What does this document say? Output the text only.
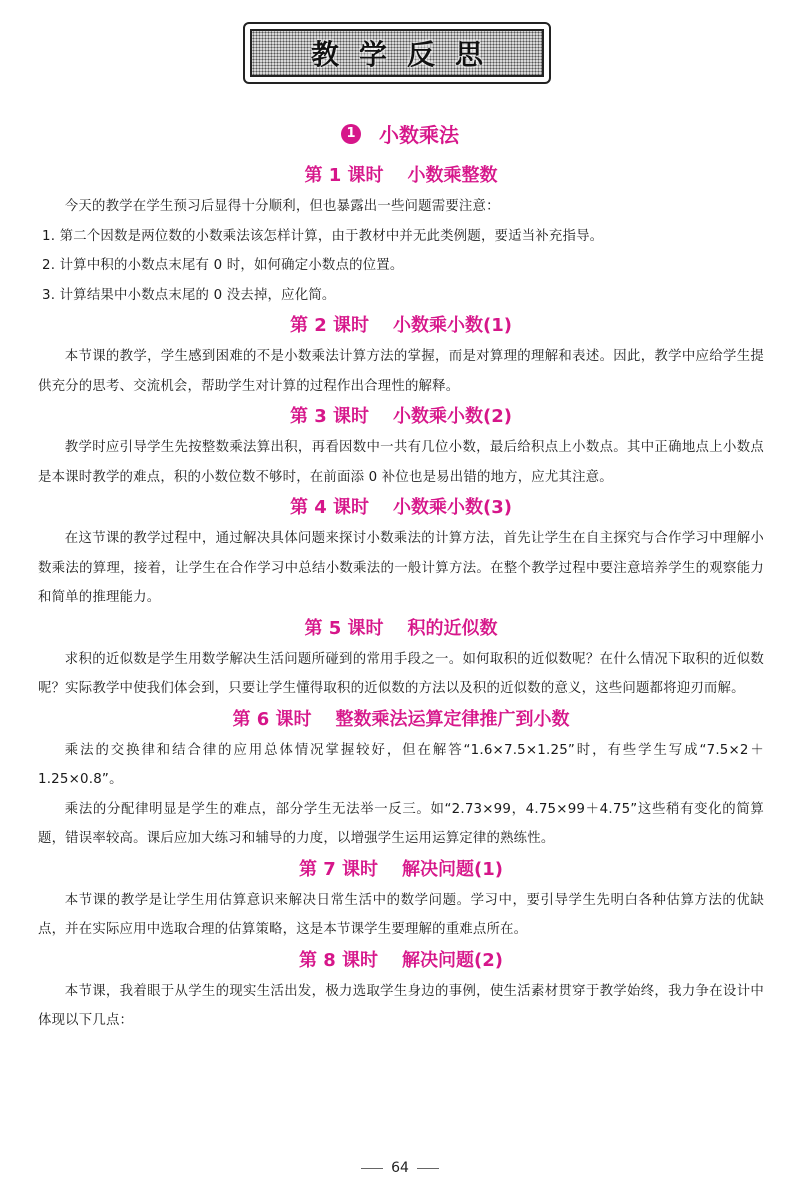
教学反思
1 小数乘法
第 1 课时 小数乘整数

今天的教学在学生预习后显得十分顺利，但也暴露出一些问题需要注意：

1. 第二个因数是两位数的小数乘法该怎样计算，由于教材中并无此类例题，要适当补充指导。

2. 计算中积的小数点末尾有 0 时，如何确定小数点的位置。

3. 计算结果中小数点末尾的 0 没去掉，应化简。

第 2 课时 小数乘小数(1)

本节课的教学，学生感到困难的不是小数乘法计算方法的掌握，而是对算理的理解和表述。因此，教学中应给学生提供充分的思考、交流机会，帮助学生对计算的过程作出合理性的解释。

第 3 课时 小数乘小数(2)

教学时应引导学生先按整数乘法算出积，再看因数中一共有几位小数，最后给积点上小数点。其中正确地点上小数点是本课时教学的难点，积的小数位数不够时，在前面添 0 补位也是易出错的地方，应尤其注意。

第 4 课时 小数乘小数(3)

在这节课的教学过程中，通过解决具体问题来探讨小数乘法的计算方法，首先让学生在自主探究与合作学习中理解小数乘法的算理，接着，让学生在合作学习中总结小数乘法的一般计算方法。在整个教学过程中要注意培养学生的观察能力和简单的推理能力。

第 5 课时 积的近似数

求积的近似数是学生用数学解决生活问题所碰到的常用手段之一。如何取积的近似数呢？在什么情况下取积的近似数呢？实际教学中使我们体会到，只要让学生懂得取积的近似数的方法以及积的近似数的意义，这些问题都将迎刃而解。

第 6 课时 整数乘法运算定律推广到小数

乘法的交换律和结合律的应用总体情况掌握较好，但在解答“1.6×7.5×1.25”时，有些学生写成“7.5×2＋1.25×0.8”。

乘法的分配律明显是学生的难点，部分学生无法举一反三。如“2.73×99，4.75×99＋4.75”这些稍有变化的简算题，错误率较高。课后应加大练习和辅导的力度，以增强学生运用运算定律的熟练性。

第 7 课时 解决问题(1)

本节课的教学是让学生用估算意识来解决日常生活中的数学问题。学习中，要引导学生先明白各种估算方法的优缺点，并在实际应用中选取合理的估算策略，这是本节课学生要理解的重难点所在。

第 8 课时 解决问题(2)

本节课，我着眼于从学生的现实生活出发，极力选取学生身边的事例，使生活素材贯穿于教学始终，我力争在设计中体现以下几点：

64
